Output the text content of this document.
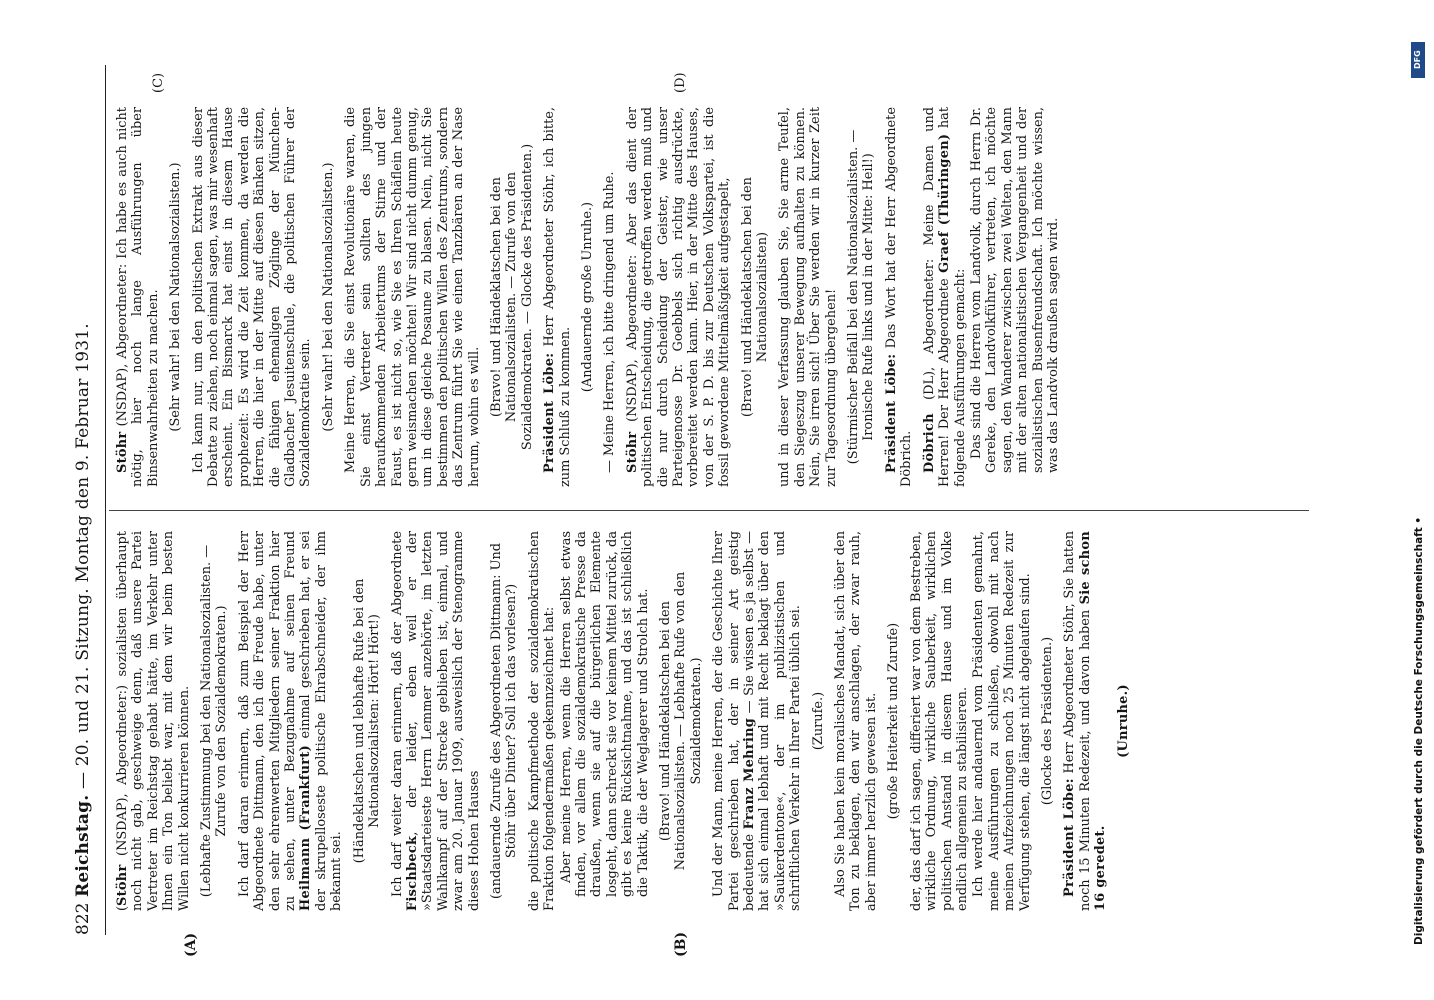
822
Reichstag. — 20. und 21. Sitzung. Montag den 9. Februar 1931.
(A)	(B)
(C)	(D)

(Stöhr (NSDAP), Abgeordneter:) sozialisten überhaupt noch nicht gab, geschweige denn, daß unsere Partei Vertreter im Reichstag gehabt hätte, im Verkehr unter Ihnen ein Ton beliebt war, mit dem wir beim besten Willen nicht konkurrieren können. (Lebhafte Zustimmung bei den Nationalsozialisten. — Zurufe von den Sozialdemokraten.) Ich darf daran erinnern, daß zum Beispiel der Herr Abgeordnete Dittmann, den ich die Freude habe, unter den sehr ehrenwerten Mitgliedern seiner Fraktion hier zu sehen, unter Bezugnahme auf seinen Freund Heilmann (Frankfurt) einmal geschrieben hat, er sei der skrupelloseste politische Ehrabschneider, der ihm bekannt sei.

(Händeklatschen und lebhafte Rufe bei den Nationalsozialisten: Hört! Hört!) Ich darf weiter daran erinnern, daß der Abgeordnete Fischbeck, der leider, eben weil er der »Staatsdarteieste Herrn Lemmer anzehörte, im letzten Wahlkampf auf der Strecke geblieben ist, einmal, und zwar am 20. Januar 1909, ausweislich der Stenogramme dieses Hohen Hauses (andauernde Zurufe des Abgeordneten Dittmann: Und Stöhr über Dinter? Soll ich das vorlesen?) die politische Kampfmethode der sozialdemokratischen Fraktion folgendermaßen gekennzeichnet hat: Aber meine Herren, wenn die Herren selbst etwas finden, vor allem die sozialdemokratische Presse da draußen, wenn sie auf die bürgerlichen Elemente losgeht, dann schreckt sie vor keinem Mittel zurück, da gibt es keine Rücksichtnahme, und das ist schließlich die Taktik, die der Weglagerer und Strolch hat. (Bravo! und Händeklatschen bei den Nationalsozialisten. — Lebhafte Rufe von den Sozialdemokraten.) Und der Mann, meine Herren, der die Geschichte Ihrer Partei geschrieben hat, der in seiner Art geistig bedeutende Franz Mehring — Sie wissen es ja selbst — hat sich einmal lebhaft und mit Recht beklagt über den »Saukerdentone«, der im publizistischen und schriftlichen Verkehr in Ihrer Partei üblich sei. (Zurufe.) Also Sie haben kein moralisches Mandat, sich über den Ton zu beklagen, den wir anschlagen, der zwar rauh, aber immer herzlich gewesen ist. (große Heiterkeit und Zurufe) der, das darf ich sagen, differiert war von dem Bestreben, wirkliche Ordnung, wirkliche Sauberkeit, wirklichen politischen Anstand in diesem Hause und im Volke endlich allgemein zu stabilisieren. Ich werde hier andauernd vom Präsidenten gemahnt, meine Ausführungen zu schließen, obwohl mit nach meinen Aufzeichnungen noch 25 Minuten Redezeit zur Verfügung stehen, die längst nicht abgelaufen sind. (Glocke des Präsidenten.)

Präsident Löbe: Herr Abgeordneter Stöhr, Sie hatten noch 15 Minuten Redezeit, und davon haben Sie schon 16 geredet.

(Unruhe.)

Stöhr (NSDAP), Abgeordneter: Ich habe es auch nicht nötig, hier noch lange Ausführungen über Binsenwahrheiten zu machen. (Sehr wahr! bei den Nationalsozialisten.) Ich kann nur, um den politischen Extrakt aus dieser Debatte zu ziehen, noch einmal sagen, was mir wesenhaft erscheint. Ein Bismarck hat einst in diesem Hause prophezeit: Es wird die Zeit kommen, da werden die Herren, die hier in der Mitte auf diesen Bänken sitzen, die fähigen ehemaligen Zöglinge der München-Gladbacher Jesuitenschule, die politischen Führer der Sozialdemokratie sein. (Sehr wahr! bei den Nationalsozialisten.) Meine Herren, die Sie einst Revolutionäre waren, die Sie einst Vertreter sein sollten des jungen heraufkommenden Arbeitertums der Stirne und der Faust, es ist nicht so, wie Sie es Ihren Schäflein heute gern weismachen möchten! Wir sind nicht dumm genug, um in diese gleiche Posaune zu blasen. Nein, nicht Sie bestimmen den politischen Willen des Zentrums, sondern das Zentrum führt Sie wie einen Tanzbären an der Nase herum, wohin es will. (Bravo! und Händeklatschen bei den Nationalsozialisten. — Zurufe von den Sozialdemokraten. — Glocke des Präsidenten.) Präsident Löbe: Herr Abgeordneter Stöhr, ich bitte, zum Schluß zu kommen.

(Andauernde große Unruhe.) — Meine Herren, ich bitte dringend um Ruhe. Stöhr (NSDAP), Abgeordneter: Aber das dient der politischen Entscheidung, die getroffen werden muß und die nur durch Scheidung der Geister, wie unser Parteigenosse Dr. Goebbels sich richtig ausdrückte, vorbereitet werden kann. Hier, in der Mitte des Hauses, von der S. P. D. bis zur Deutschen Volkspartei, ist die fossil gewordene Mittelmäßigkeit aufgestapelt, (Bravo! und Händeklatschen bei den Nationalsozialisten) und in dieser Verfassung glauben Sie, Sie arme Teufel, den Siegeszug unserer Bewegung aufhalten zu können. Nein, Sie irren sich! Über Sie werden wir in kurzer Zeit zur Tagesordnung übergehen! (Stürmischer Beifall bei den Nationalsozialisten. — Ironische Rufe links und in der Mitte: Heil!) Präsident Löbe: Das Wort hat der Herr Abgeordnete Döbrich. Döbrich (DL), Abgeordneter: Meine Damen und Herren! Der Herr Abgeordnete Graef (Thüringen) hat folgende Ausführungen gemacht: Das sind die Herren vom Landvolk, durch Herrn Dr. Gereke, den Landvolkführer, vertreten, ich möchte sagen, den Wanderer zwischen zwei Welten, den Mann mit der alten nationalistischen Vergangenheit und der sozialistischen Busenfreundschaft. Ich möchte wissen, was das Landvolk draußen sagen wird.

DFG
Digitalisierung gefördert durch die Deutsche Forschungsgemeinschaft •
